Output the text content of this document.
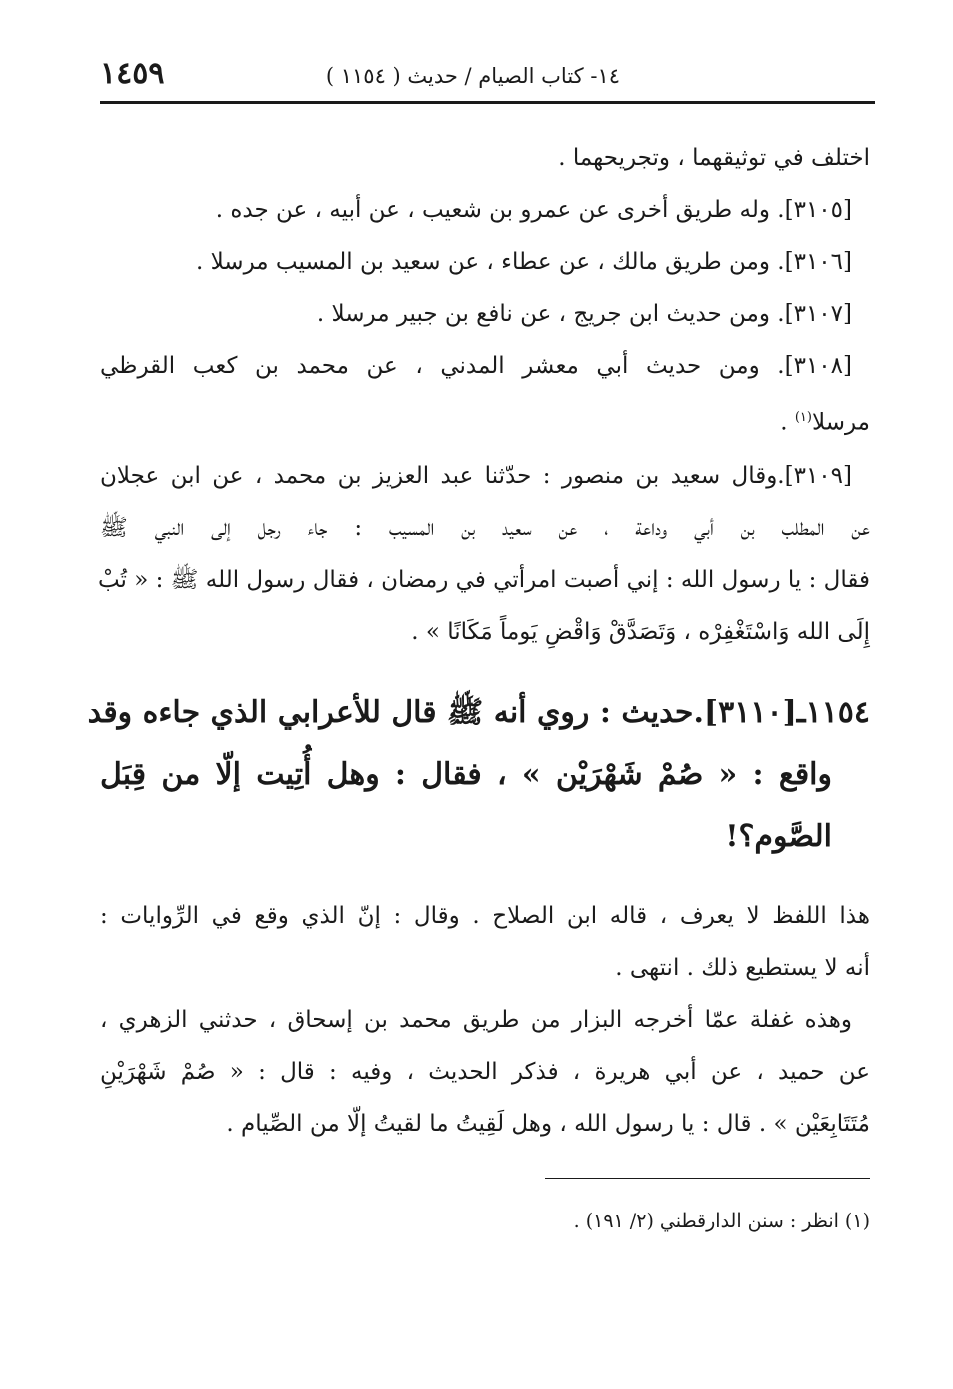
١٤- كتاب الصيام / حديث ( ١١٥٤ )
١٤٥٩
اختلف في توثيقهما ، وتجريحهما .
[٣١٠٥]. وله طريق أخرى عن عمرو بن شعيب ، عن أبيه ، عن جده .
[٣١٠٦]. ومن طريق مالك ، عن عطاء ، عن سعيد بن المسيب مرسلا .
[٣١٠٧]. ومن حديث ابن جريج ، عن نافع بن جبير مرسلا .
[٣١٠٨]. ومن حديث أبي معشر المدني ، عن محمد بن كعب القرظي
مرسلا$^{(١)}$ .
[٣١٠٩].وقال سعيد بن منصور : حدّثنا عبد العزيز بن محمد ، عن ابن عجلان
عن المطلب بن أبي وداعة ، عن سعيد بن المسيب : جاء رجل إلى النبي ﷺ
فقال : يا رسول الله : إني أصبت امرأتي في رمضان ، فقال رسول الله ﷺ : « تُبْ
إِلَى الله وَاسْتَغْفِرْه ، وَتَصَدَّقْ وَاقْضِ يَوماً مَكَانًا » .
١١٥٤ـ[٣١١٠].حديث : روي أنه ﷺ قال للأعرابي الذي جاءه وقد
واقع : « صُمْ شَهْرَيْن » ، فقال : وهل أُتِيت إلّا من قِبَل
الصَّوم؟!
هذا اللفظ لا يعرف ، قاله ابن الصلاح . وقال : إنّ الذي وقع في الرِّوايات :
أنه لا يستطيع ذلك . انتهى .
وهذه غفلة عمّا أخرجه البزار من طريق محمد بن إسحاق ، حدثني الزهري ،
عن حميد ، عن أبي هريرة ، فذكر الحديث ، وفيه : قال : « صُمْ شَهْرَيْنِ
مُتَتَابِعَيْن » . قال : يا رسول الله ، وهل لَقِيتُ ما لقيتُ إلّا من الصِّيام .
(١) انظر : سنن الدارقطني (٢/ ١٩١) .
